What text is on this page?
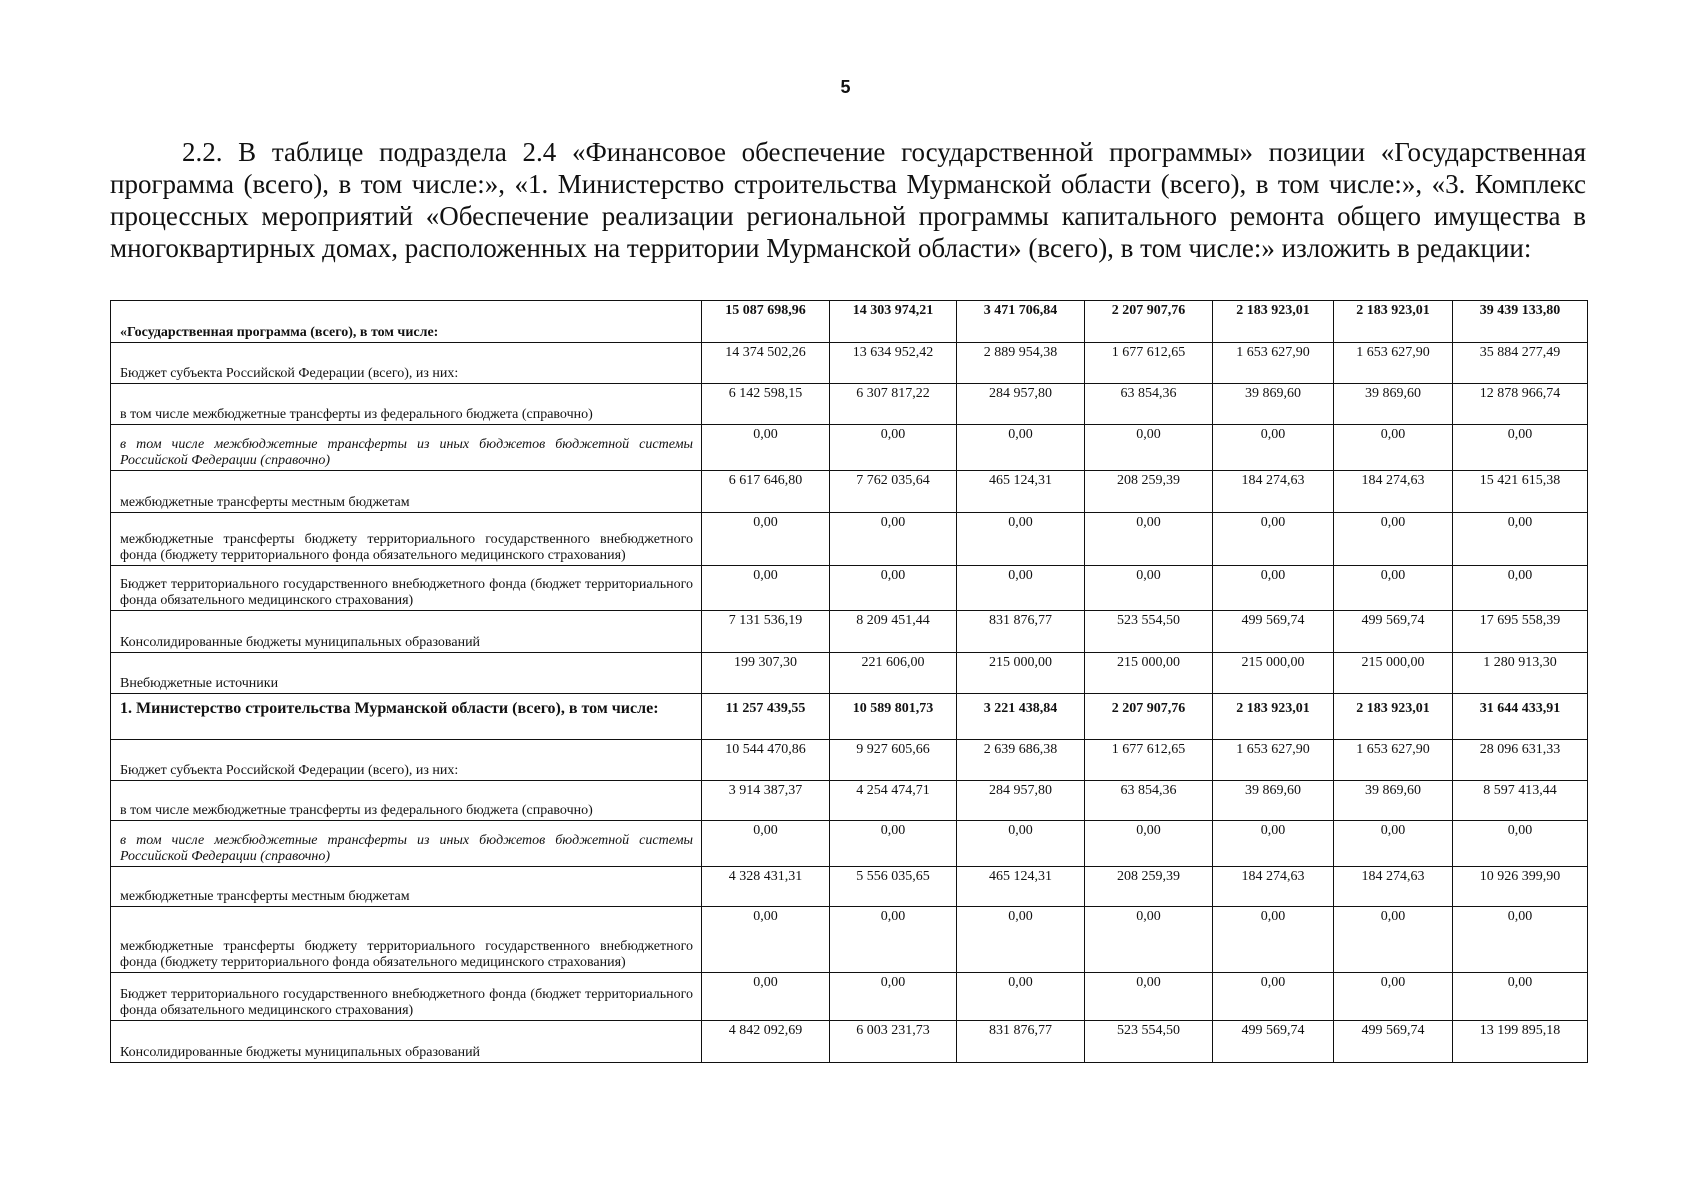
5

2.2. В таблице подраздела 2.4 «Финансовое обеспечение государственной программы» позиции «Государственная программа (всего), в том числе:», «1. Министерство строительства Мурманской области (всего), в том числе:», «3. Комплекс процессных мероприятий «Обеспечение реализации региональной программы капитального ремонта общего имущества в многоквартирных домах, расположенных на территории Мурманской области» (всего), в том числе:» изложить в редакции:

«Государственная программа (всего), в том числе:	15 087 698,96	14 303 974,21	3 471 706,84	2 207 907,76	2 183 923,01	2 183 923,01	39 439 133,80
Бюджет субъекта Российской Федерации (всего), из них:	14 374 502,26	13 634 952,42	2 889 954,38	1 677 612,65	1 653 627,90	1 653 627,90	35 884 277,49
в том числе межбюджетные трансферты из федерального бюджета (справочно)	6 142 598,15	6 307 817,22	284 957,80	63 854,36	39 869,60	39 869,60	12 878 966,74
в том числе межбюджетные трансферты из иных бюджетов бюджетной системы Российской Федерации (справочно)	0,00	0,00	0,00	0,00	0,00	0,00	0,00
межбюджетные трансферты местным бюджетам	6 617 646,80	7 762 035,64	465 124,31	208 259,39	184 274,63	184 274,63	15 421 615,38
межбюджетные трансферты бюджету территориального государственного внебюджетного фонда (бюджету территориального фонда обязательного медицинского страхования)	0,00	0,00	0,00	0,00	0,00	0,00	0,00
Бюджет территориального государственного внебюджетного фонда (бюджет территориального фонда обязательного медицинского страхования)	0,00	0,00	0,00	0,00	0,00	0,00	0,00
Консолидированные бюджеты муниципальных образований	7 131 536,19	8 209 451,44	831 876,77	523 554,50	499 569,74	499 569,74	17 695 558,39
Внебюджетные источники	199 307,30	221 606,00	215 000,00	215 000,00	215 000,00	215 000,00	1 280 913,30
1. Министерство строительства Мурманской области (всего), в том числе:	11 257 439,55	10 589 801,73	3 221 438,84	2 207 907,76	2 183 923,01	2 183 923,01	31 644 433,91
Бюджет субъекта Российской Федерации (всего), из них:	10 544 470,86	9 927 605,66	2 639 686,38	1 677 612,65	1 653 627,90	1 653 627,90	28 096 631,33
в том числе межбюджетные трансферты из федерального бюджета (справочно)	3 914 387,37	4 254 474,71	284 957,80	63 854,36	39 869,60	39 869,60	8 597 413,44
в том числе межбюджетные трансферты из иных бюджетов бюджетной системы Российской Федерации (справочно)	0,00	0,00	0,00	0,00	0,00	0,00	0,00
межбюджетные трансферты местным бюджетам	4 328 431,31	5 556 035,65	465 124,31	208 259,39	184 274,63	184 274,63	10 926 399,90
межбюджетные трансферты бюджету территориального государственного внебюджетного фонда (бюджету территориального фонда обязательного медицинского страхования)	0,00	0,00	0,00	0,00	0,00	0,00	0,00
Бюджет территориального государственного внебюджетного фонда (бюджет территориального фонда обязательного медицинского страхования)	0,00	0,00	0,00	0,00	0,00	0,00	0,00
Консолидированные бюджеты муниципальных образований	4 842 092,69	6 003 231,73	831 876,77	523 554,50	499 569,74	499 569,74	13 199 895,18
